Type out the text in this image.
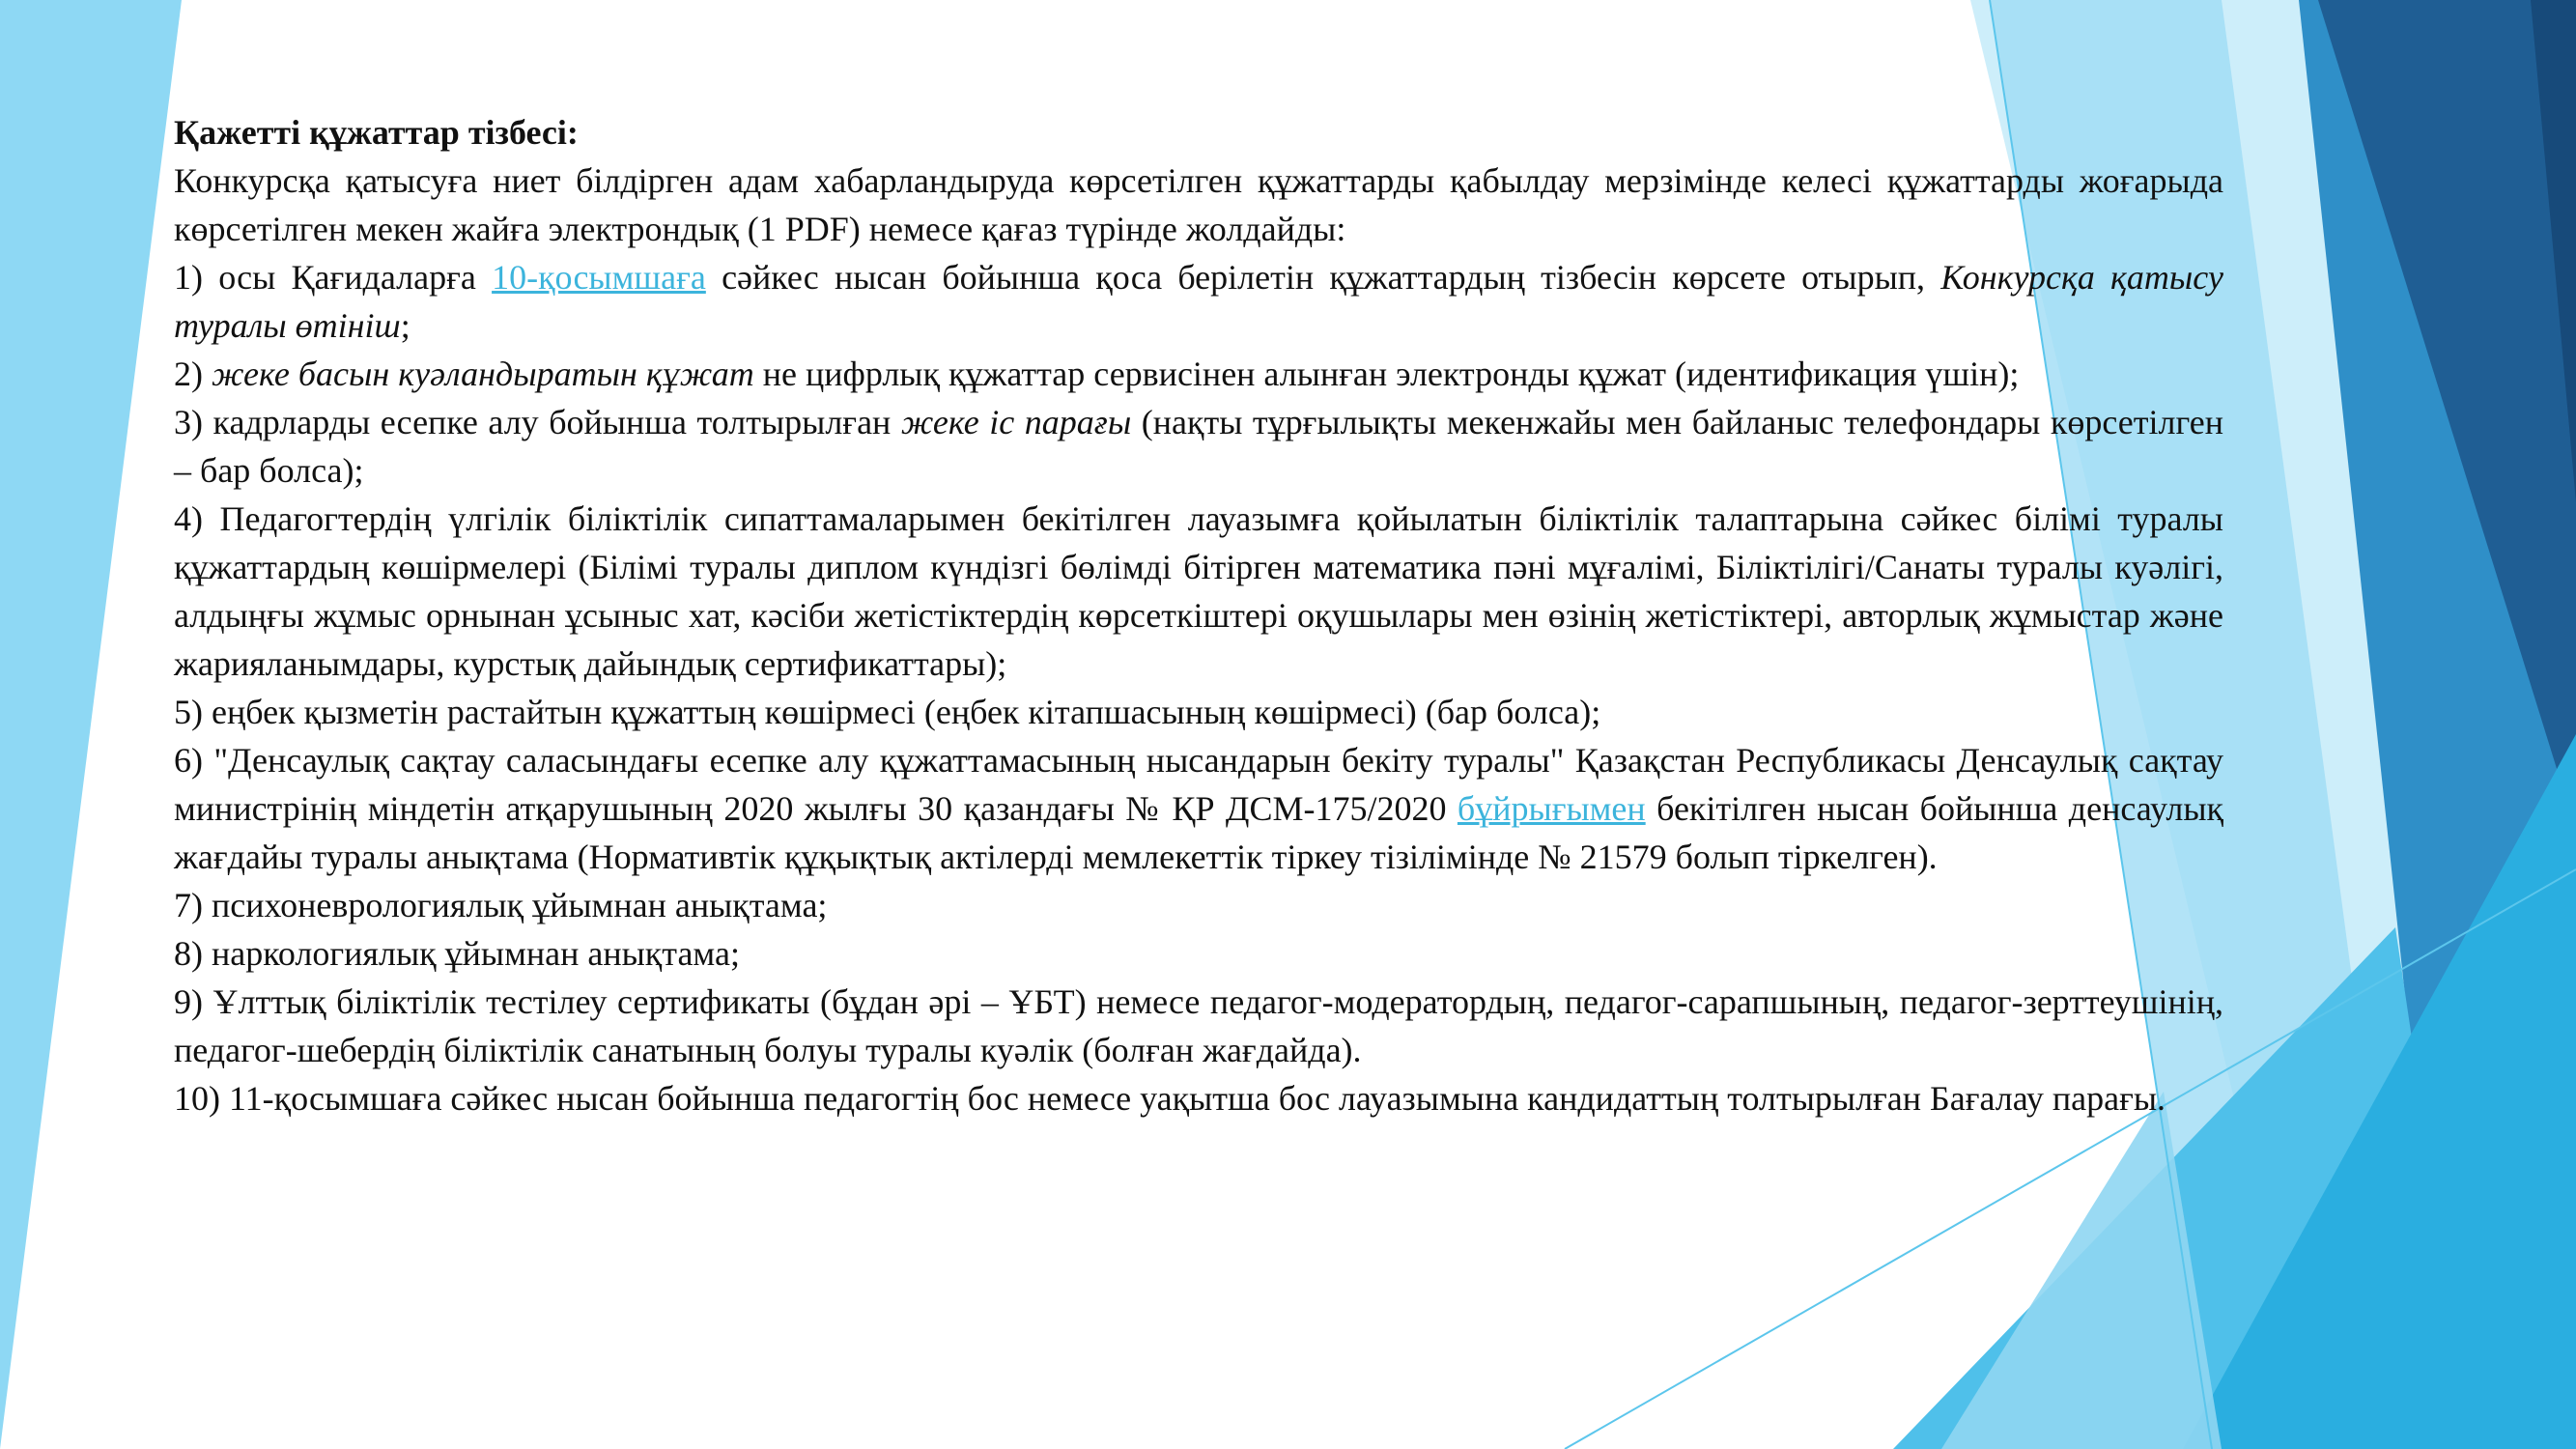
Қажетті құжаттар тізбесі:

Конкурсқа қатысуға ниет білдірген адам хабарландыруда көрсетілген құжаттарды қабылдау мерзімінде келесі құжаттарды жоғарыда көрсетілген мекен жайға электрондық (1 PDF) немесе қағаз түрінде жолдайды:

1) осы Қағидаларға 10-қосымшаға сәйкес нысан бойынша қоса берілетін құжаттардың тізбесін көрсете отырып, Конкурсқа қатысу туралы өтініш;

2) жеке басын куәландыратын құжат не цифрлық құжаттар сервисінен алынған электронды құжат (идентификация үшін);

3) кадрларды есепке алу бойынша толтырылған жеке іс парағы (нақты тұрғылықты мекенжайы мен байланыс телефондары көрсетілген – бар болса);

4) Педагогтердің үлгілік біліктілік сипаттамаларымен бекітілген лауазымға қойылатын біліктілік талаптарына сәйкес білімі туралы құжаттардың көшірмелері (Білімі туралы диплом күндізгі бөлімді бітірген математика пәні мұғалімі, Біліктілігі/Санаты туралы куәлігі, алдыңғы жұмыс орнынан ұсыныс хат, кәсіби жетістіктердің көрсеткіштері оқушылары мен өзінің жетістіктері, авторлық жұмыстар және жарияланымдары, курстық дайындық сертификаттары);

5) еңбек қызметін растайтын құжаттың көшірмесі (еңбек кітапшасының көшірмесі) (бар болса);

6) "Денсаулық сақтау саласындағы есепке алу құжаттамасының нысандарын бекіту туралы" Қазақстан Республикасы Денсаулық сақтау министрінің міндетін атқарушының 2020 жылғы 30 қазандағы № ҚР ДСМ-175/2020 бұйрығымен бекітілген нысан бойынша денсаулық жағдайы туралы анықтама (Нормативтік құқықтық актілерді мемлекеттік тіркеу тізілімінде № 21579 болып тіркелген).

7) психоневрологиялық ұйымнан анықтама;

8) наркологиялық ұйымнан анықтама;

9) Ұлттық біліктілік тестілеу сертификаты (бұдан әрі – ҰБТ) немесе педагог-модератордың, педагог-сарапшының, педагог-зерттеушінің, педагог-шебердің біліктілік санатының болуы туралы куәлік (болған жағдайда).

10) 11-қосымшаға сәйкес нысан бойынша педагогтің бос немесе уақытша бос лауазымына кандидаттың толтырылған Бағалау парағы.
